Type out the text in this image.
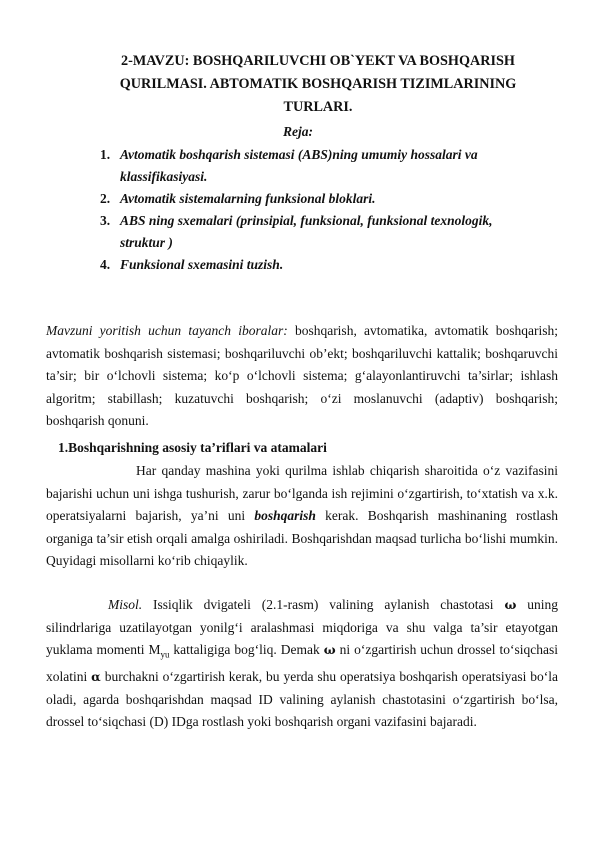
2-MAVZU: BOSHQARILUVCHI OB`YEKT VA BOSHQARISH
QURILMASI. ABTOMATIK BOSHQARISH TIZIMLARINING
TURLARI.

Reja:

1. Avtomatik boshqarish sistemasi (ABS)ning umumiy hossalari va
klassifikasiyasi.
2. Avtomatik sistemalarning funksional bloklari.
3. ABS ning sxemalari (prinsipial, funksional, funksional texnologik,
struktur )
4. Funksional sxemasini tuzish.

Mavzuni yoritish uchun tayanch iboralar: boshqarish, avtomatika, avtomatik boshqarish; avtomatik boshqarish sistemasi; boshqariluvchi ob’ekt; boshqariluvchi kattalik; boshqaruvchi ta’sir; bir o‘lchovli sistema; ko‘p o‘lchovli sistema; g‘alayonlantiruvchi ta’sirlar; ishlash algoritm; stabillash; kuzatuvchi boshqarish; o‘zi moslanuvchi (adaptiv) boshqarish; boshqarish qonuni.

1.Boshqarishning asosiy ta’riflari va atamalari

Har qanday mashina yoki qurilma ishlab chiqarish sharoitida o‘z vazifasini bajarishi uchun uni ishga tushurish, zarur bo‘lganda ish rejimini o‘zgartirish, to‘xtatish va x.k. operatsiyalarni bajarish, ya’ni uni boshqarish kerak. Boshqarish mashinaning rostlash organiga ta’sir etish orqali amalga oshiriladi. Boshqarishdan maqsad turlicha bo‘lishi mumkin. Quyidagi misollarni ko‘rib chiqaylik.

Misol. Issiqlik dvigateli (2.1-rasm) valining aylanish chastotasi ω uning silindrlariga uzatilayotgan yonilg‘i aralashmasi miqdoriga va shu valga ta’sir etayotgan yuklama momenti $M_{yu}$ kattaligiga bog‘liq. Demak ω ni o‘zgartirish uchun drossel to‘siqchasi xolatini α burchakni o‘zgartirish kerak, bu yerda shu operatsiya boshqarish operatsiyasi bo‘la oladi, agarda boshqarishdan maqsad ID valining aylanish chastotasini o‘zgartirish bo‘lsa, drossel to‘siqchasi (D) IDga rostlash yoki boshqarish organi vazifasini bajaradi.
